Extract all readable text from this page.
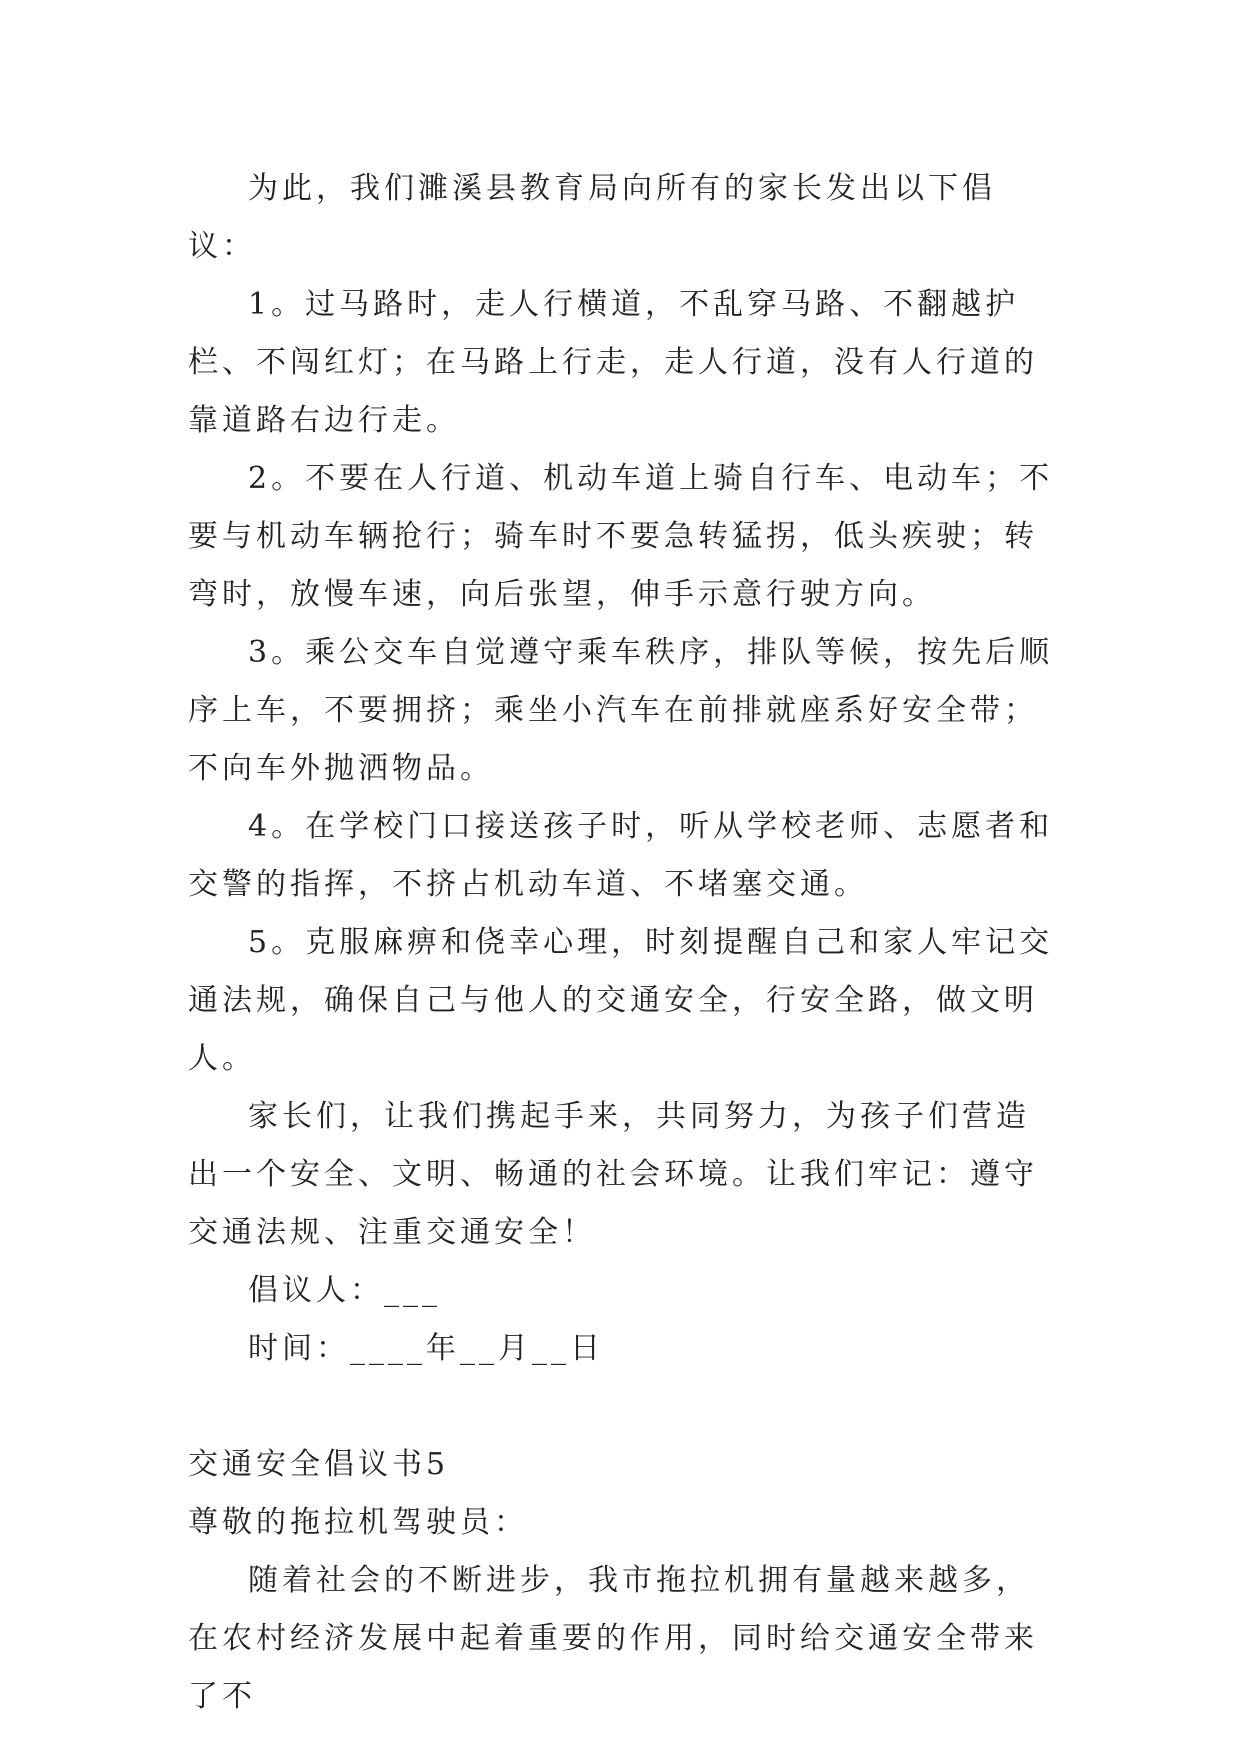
为此，我们濉溪县教育局向所有的家长发出以下倡议：

1。过马路时，走人行横道，不乱穿马路、不翻越护栏、不闯红灯；在马路上行走，走人行道，没有人行道的靠道路右边行走。

2。不要在人行道、机动车道上骑自行车、电动车；不要与机动车辆抢行；骑车时不要急转猛拐，低头疾驶；转弯时，放慢车速，向后张望，伸手示意行驶方向。

3。乘公交车自觉遵守乘车秩序，排队等候，按先后顺序上车，不要拥挤；乘坐小汽车在前排就座系好安全带；不向车外抛洒物品。

4。在学校门口接送孩子时，听从学校老师、志愿者和交警的指挥，不挤占机动车道、不堵塞交通。

5。克服麻痹和侥幸心理，时刻提醒自己和家人牢记交通法规，确保自己与他人的交通安全，行安全路，做文明人。

家长们，让我们携起手来，共同努力，为孩子们营造出一个安全、文明、畅通的社会环境。让我们牢记：遵守交通法规、注重交通安全！

倡议人：___

时间：____年__月__日

交通安全倡议书5

尊敬的拖拉机驾驶员：

随着社会的不断进步，我市拖拉机拥有量越来越多，在农村经济发展中起着重要的作用，同时给交通安全带来了不
